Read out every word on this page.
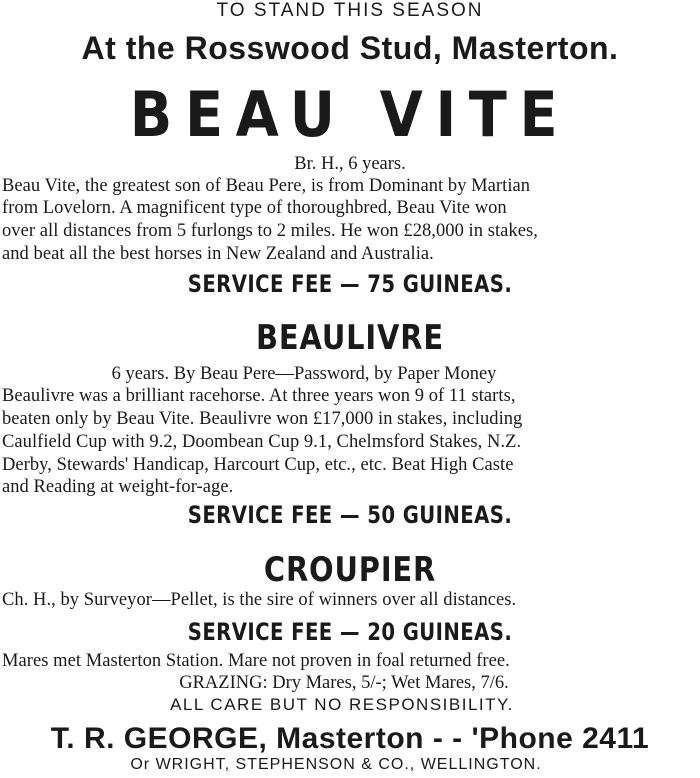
TO STAND THIS SEASON
At the Rosswood Stud, Masterton.
BEAU VITE
Br. H., 6 years.
Beau Vite, the greatest son of Beau Pere, is from Dominant by Martian
from Lovelorn. A magnificent type of thoroughbred, Beau Vite won
over all distances from 5 furlongs to 2 miles. He won £28,000 in stakes,
and beat all the best horses in New Zealand and Australia.
SERVICE FEE — 75 GUINEAS.
BEAULIVRE
6 years. By Beau Pere—Password, by Paper Money
Beaulivre was a brilliant racehorse. At three years won 9 of 11 starts,
beaten only by Beau Vite. Beaulivre won £17,000 in stakes, including
Caulfield Cup with 9.2, Doombean Cup 9.1, Chelmsford Stakes, N.Z.
Derby, Stewards' Handicap, Harcourt Cup, etc., etc. Beat High Caste
and Reading at weight-for-age.
SERVICE FEE — 50 GUINEAS.
CROUPIER
Ch. H., by Surveyor—Pellet, is the sire of winners over all distances.
SERVICE FEE — 20 GUINEAS.
Mares met Masterton Station. Mare not proven in foal returned free.
GRAZING: Dry Mares, 5/-; Wet Mares, 7/6.
ALL CARE BUT NO RESPONSIBILITY.
T. R. GEORGE, Masterton - - 'Phone 2411
Or WRIGHT, STEPHENSON & CO., WELLINGTON.
